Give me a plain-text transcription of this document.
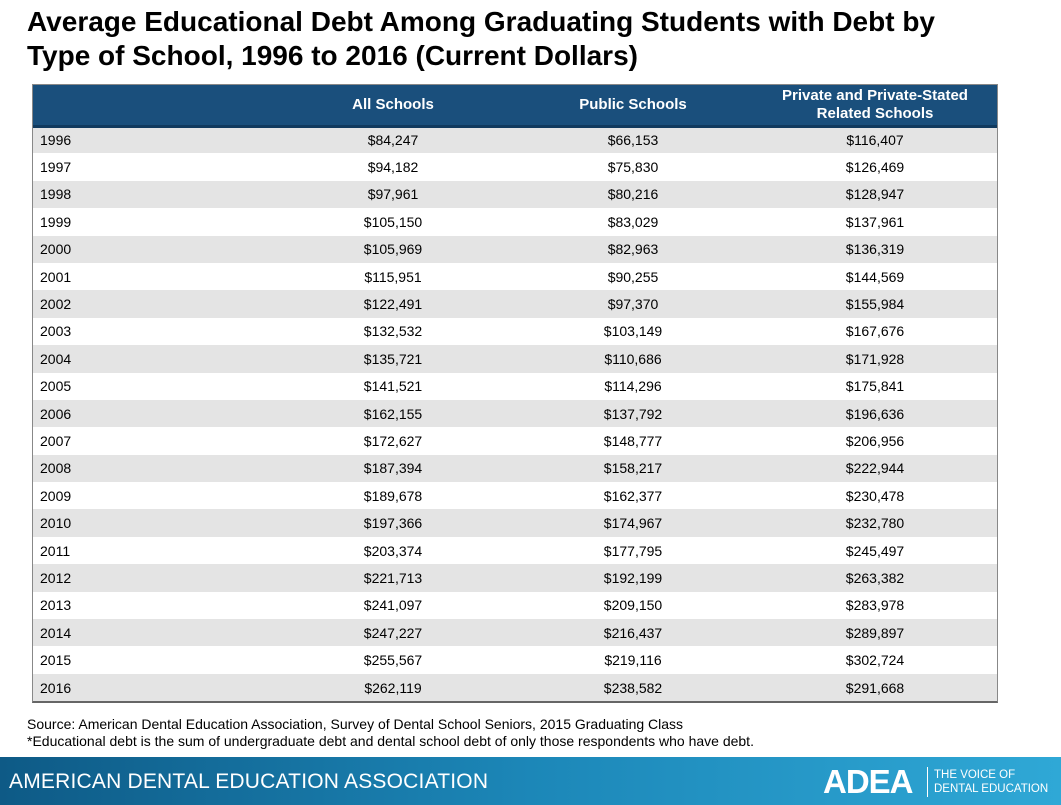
Average Educational Debt Among Graduating Students with Debt by
Type of School, 1996 to 2016 (Current Dollars)
	All Schools	Public Schools	Private and Private-Stated Related Schools
1996	$84,247	$66,153	$116,407
1997	$94,182	$75,830	$126,469
1998	$97,961	$80,216	$128,947
1999	$105,150	$83,029	$137,961
2000	$105,969	$82,963	$136,319
2001	$115,951	$90,255	$144,569
2002	$122,491	$97,370	$155,984
2003	$132,532	$103,149	$167,676
2004	$135,721	$110,686	$171,928
2005	$141,521	$114,296	$175,841
2006	$162,155	$137,792	$196,636
2007	$172,627	$148,777	$206,956
2008	$187,394	$158,217	$222,944
2009	$189,678	$162,377	$230,478
2010	$197,366	$174,967	$232,780
2011	$203,374	$177,795	$245,497
2012	$221,713	$192,199	$263,382
2013	$241,097	$209,150	$283,978
2014	$247,227	$216,437	$289,897
2015	$255,567	$219,116	$302,724
2016	$262,119	$238,582	$291,668
Source: American Dental Education Association, Survey of Dental School Seniors, 2015 Graduating Class
*Educational debt is the sum of undergraduate debt and dental school debt of only those respondents who have debt.
AMERICAN DENTAL EDUCATION ASSOCIATION	ADEA THE VOICE OF
DENTAL EDUCATION
